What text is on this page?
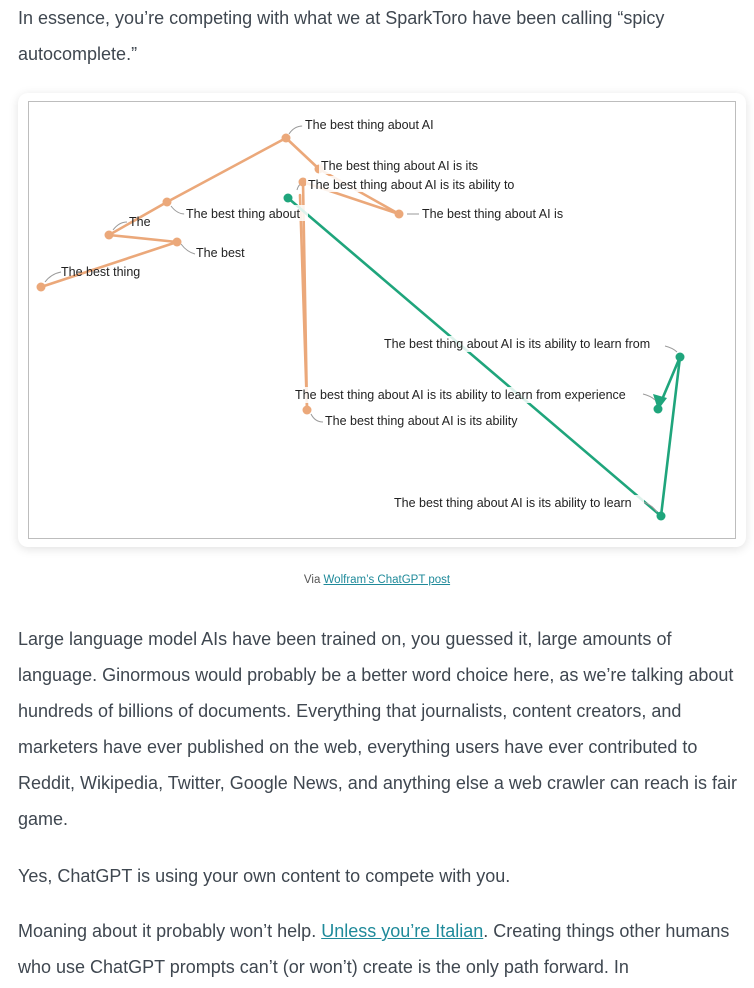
In essence, you’re competing with what we at SparkToro have been calling “spicy
autocomplete.”

The best thing about AI
The best thing about AI is its
The best thing about AI is its ability to
The best thing about	The best thing about AI is
The
The best
The best thing
The best thing about AI is its ability to learn from
The best thing about AI is its ability to learn from experience
The best thing about AI is its ability
The best thing about AI is its ability to learn
Via Wolfram’s ChatGPT post

Large language model AIs have been trained on, you guessed it, large amounts of language. Ginormous would probably be a better word choice here, as we’re talking about hundreds of billions of documents. Everything that journalists, content creators, and marketers have ever published on the web, everything users have ever contributed to Reddit, Wikipedia, Twitter, Google News, and anything else a web crawler can reach is fair game.

Yes, ChatGPT is using your own content to compete with you.

Moaning about it probably won’t help. Unless you’re Italian. Creating things other humans who use ChatGPT prompts can’t (or won’t) create is the only path forward. In
